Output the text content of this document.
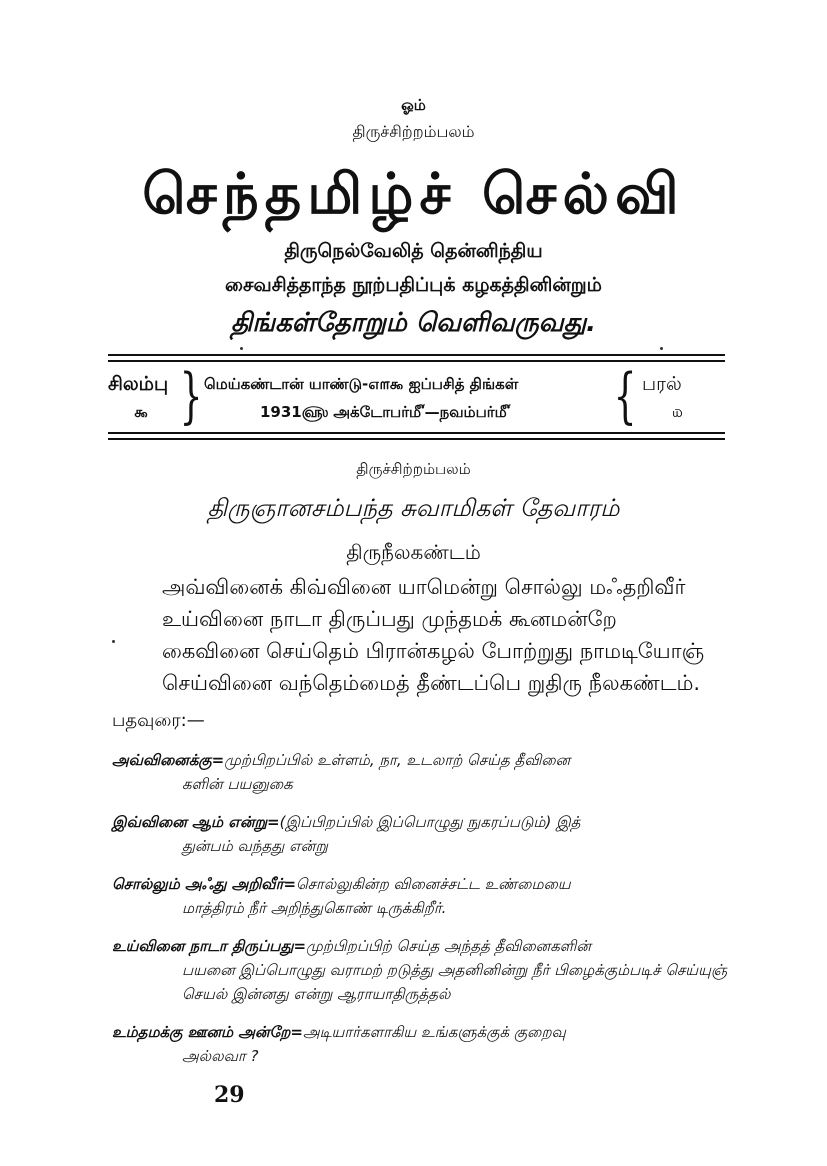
ஓம்
திருச்சிற்றம்பலம்
செந்தமிழ்ச் செல்வி
திருநெல்வேலித் தென்னிந்திய
சைவசித்தாந்த நூற்பதிப்புக் கழகத்தினின்றும்
திங்கள்தோறும் வெளிவருவது.
சிலம்பு
௯ } மெய்கண்டான் யாண்டு-௭௱௯ ஐப்பசித் திங்கள்
1931௵ அக்டோபர்௴—நவம்பர்௴	{ பரல்
௰
திருச்சிற்றம்பலம்
திருஞானசம்பந்த சுவாமிகள் தேவாரம்
திருநீலகண்டம்
அவ்வினைக் கிவ்வினை யாமென்று சொல்லு மஃதறிவீர்
உய்வினை நாடா திருப்பது முந்தமக் கூனமன்றே
கைவினை செய்தெம் பிரான்கழல் போற்றுது நாமடியோஞ்
செய்வினை வந்தெம்மைத் தீண்டப்பெ றுதிரு நீலகண்டம்.
பதவுரை:—
அவ்வினைக்கு=முற்பிறப்பில் உள்ளம், நா, உடலாற் செய்த தீவினை
களின் பயனுகை
இவ்வினை ஆம் என்று=(இப்பிறப்பில் இப்பொழுது நுகரப்படும்) இத்
துன்பம் வந்தது என்று
சொல்லும் அஃது அறிவீர்=சொல்லுகின்ற வினைச்சட்ட உண்மையை
மாத்திரம் நீர் அறிந்துகொண் டிருக்கிறீர்.
உய்வினை நாடா திருப்பது=முற்பிறப்பிற் செய்த அந்தத் தீவினைகளின்
பயனை இப்பொழுது வராமற் றடுத்து அதனினின்று நீர் பிழைக்கும்படிச் செய்யுஞ் செயல் இன்னது என்று ஆராயாதிருத்தல்
உம்தமக்கு ஊனம் அன்றே=அடியார்களாகிய உங்களுக்குக் குறைவு
அல்லவா ?
29
